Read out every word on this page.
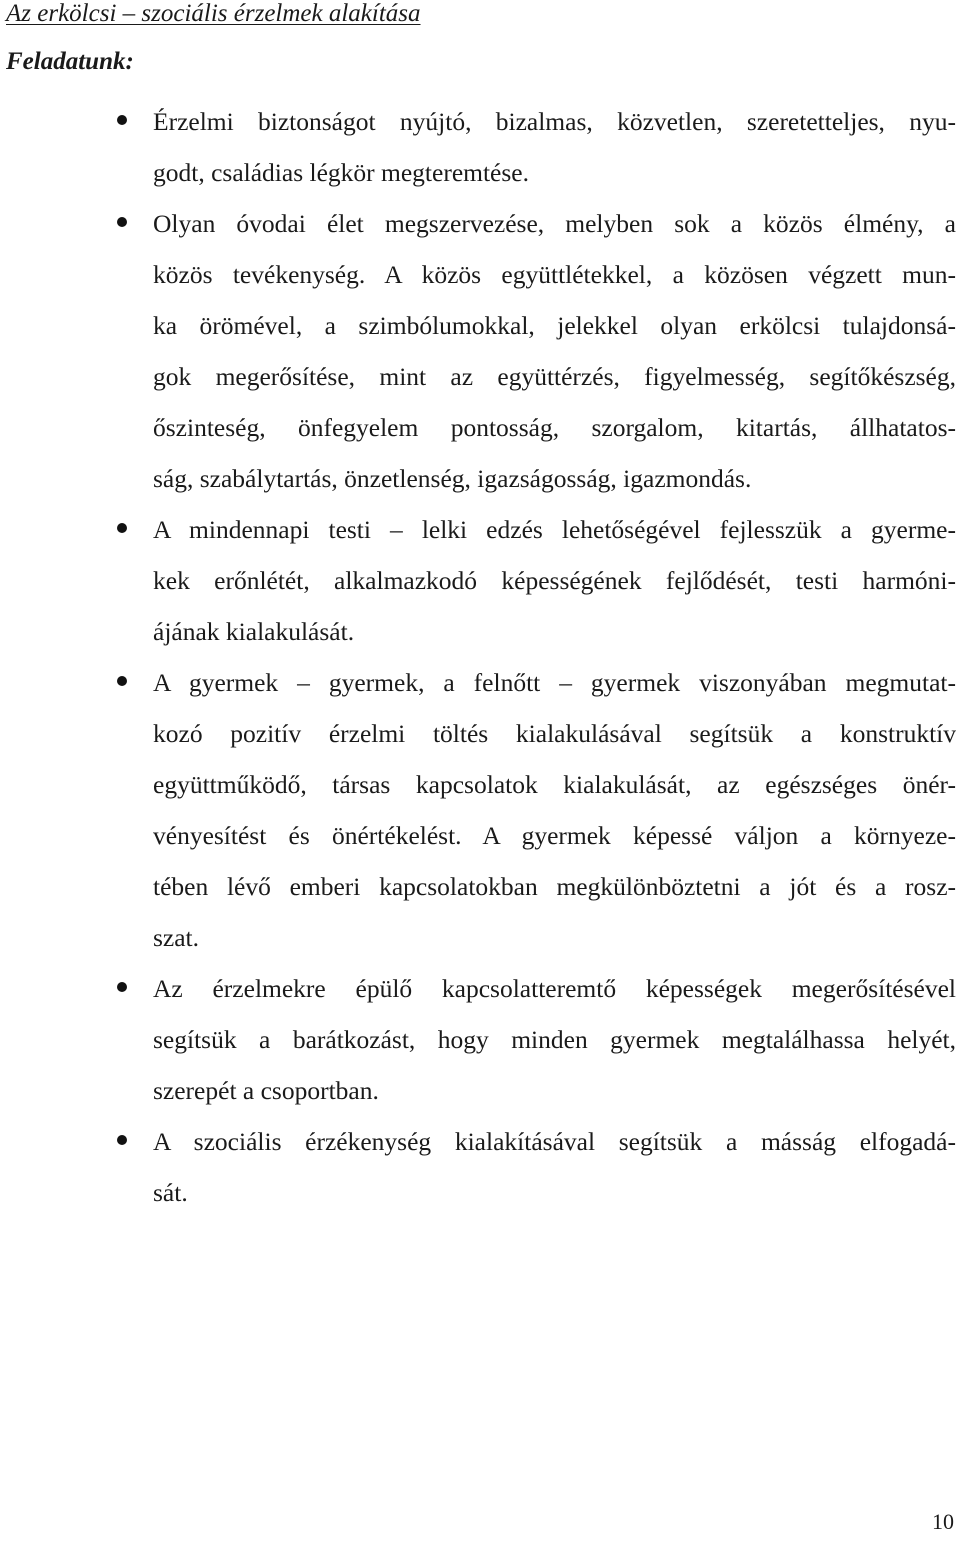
Az erkölcsi – szociális érzelmek alakítása
Feladatunk:
Érzelmi biztonságot nyújtó, bizalmas, közvetlen, szeretetteljes, nyu-
godt, családias légkör megteremtése.
Olyan óvodai élet megszervezése, melyben sok a közös élmény, a
közös tevékenység. A közös együttlétekkel, a közösen végzett mun-
ka örömével, a szimbólumokkal, jelekkel olyan erkölcsi tulajdonsá-
gok megerősítése, mint az együttérzés, figyelmesség, segítőkészség,
őszinteség, önfegyelem pontosság, szorgalom, kitartás, állhatatos-
ság, szabálytartás, önzetlenség, igazságosság, igazmondás.
A mindennapi testi – lelki edzés lehetőségével fejlesszük a gyerme-
kek erőnlétét, alkalmazkodó képességének fejlődését, testi harmóni-
ájának kialakulását.
A gyermek – gyermek, a felnőtt – gyermek viszonyában megmutat-
kozó pozitív érzelmi töltés kialakulásával segítsük a konstruktív
együttműködő, társas kapcsolatok kialakulását, az egészséges önér-
vényesítést és önértékelést. A gyermek képessé váljon a környeze-
tében lévő emberi kapcsolatokban megkülönböztetni a jót és a rosz-
szat.
Az érzelmekre épülő kapcsolatteremtő képességek megerősítésével
segítsük a barátkozást, hogy minden gyermek megtalálhassa helyét,
szerepét a csoportban.
A szociális érzékenység kialakításával segítsük a másság elfogadá-
sát.
10
